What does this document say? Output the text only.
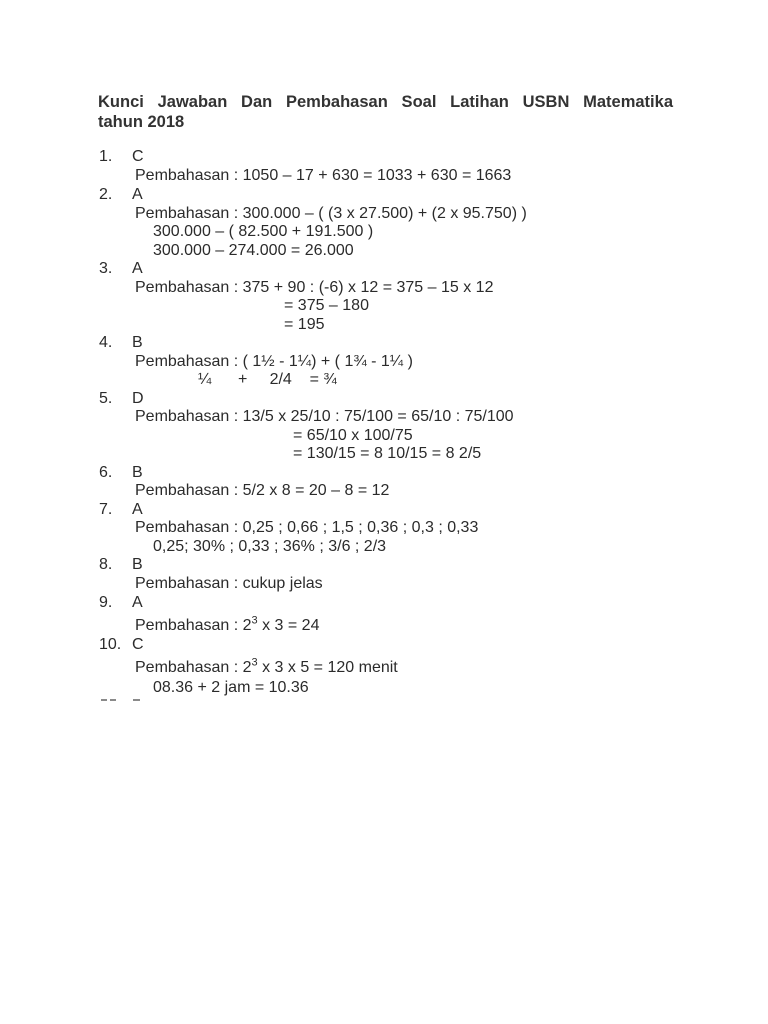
Kunci Jawaban Dan Pembahasan Soal Latihan USBN Matematika
tahun 2018
1. C
Pembahasan : 1050 – 17 + 630 = 1033 + 630 = 1663
2. A
Pembahasan : 300.000 – ( (3 x 27.500) + (2 x 95.750) )
300.000 – ( 82.500 + 191.500 )
300.000 – 274.000 = 26.000
3. A
Pembahasan : 375 + 90 : (-6) x 12 = 375 – 15 x 12
= 375 – 180
= 195
4. B
Pembahasan : ( 1½ - 1¼) + ( 1¾ - 1¼ )
¼      +     2/4    = ¾
5. D
Pembahasan : 13/5 x 25/10 : 75/100 = 65/10 : 75/100
= 65/10 x 100/75
= 130/15 = 8 10/15 = 8 2/5
6. B
Pembahasan : 5/2 x 8 = 20 – 8 = 12
7. A
Pembahasan : 0,25 ; 0,66 ; 1,5 ; 0,36 ; 0,3 ; 0,33
0,25; 30% ; 0,33 ; 36% ; 3/6 ; 2/3
8. B
Pembahasan : cukup jelas
9. A
Pembahasan : $2^3$ x 3 = 24
10. C
Pembahasan : $2^3$ x 3 x 5 = 120 menit
08.36 + 2 jam = 10.36
